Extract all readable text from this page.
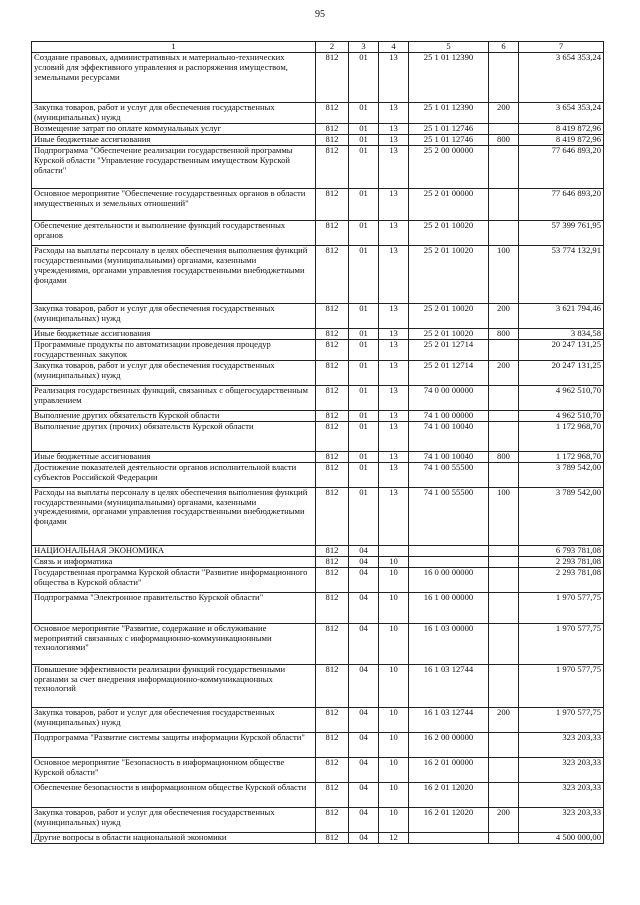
95
1	2	3	4	5	6	7
Создание правовых, административных и материально-технических условий для эффективного управления и распоряжения имуществом, земельными ресурсами	812	01	13	25 1 01 12390		3 654 353,24
Закупка товаров, работ и услуг для обеспечения государственных (муниципальных) нужд	812	01	13	25 1 01 12390	200	3 654 353,24
Возмещение затрат по оплате коммунальных услуг	812	01	13	25 1 01 12746		8 419 872,96
Иные бюджетные ассигнования	812	01	13	25 1 01 12746	800	8 419 872,96
Подпрограмма "Обеспечение реализации государственной программы Курской области "Управление государственным имуществом Курской области"	812	01	13	25 2 00 00000		77 646 893,20
Основное мероприятие "Обеспечение государственных органов в области имущественных и земельных отношений"	812	01	13	25 2 01 00000		77 646 893,20
Обеспечение деятельности и выполнение функций государственных органов	812	01	13	25 2 01 10020		57 399 761,95
Расходы на выплаты персоналу в целях обеспечения выполнения функций государственными (муниципальными) органами, казенными учреждениями, органами управления государственными внебюджетными фондами	812	01	13	25 2 01 10020	100	53 774 132,91
Закупка товаров, работ и услуг для обеспечения государственных (муниципальных) нужд	812	01	13	25 2 01 10020	200	3 621 794,46
Иные бюджетные ассигнования	812	01	13	25 2 01 10020	800	3 834,58
Программные продукты по автоматизации проведения процедур государственных закупок	812	01	13	25 2 01 12714		20 247 131,25
Закупка товаров, работ и услуг для обеспечения государственных (муниципальных) нужд	812	01	13	25 2 01 12714	200	20 247 131,25
Реализация государственных функций, связанных с общегосударственным управлением	812	01	13	74 0 00 00000		4 962 510,70
Выполнение других обязательств Курской области	812	01	13	74 1 00 00000		4 962 510,70
Выполнение других (прочих) обязательств Курской области	812	01	13	74 1 00 10040		1 172 968,70
Иные бюджетные ассигнования	812	01	13	74 1 00 10040	800	1 172 968,70
Достижение показателей деятельности органов исполнительной власти субъектов Российской Федерации	812	01	13	74 1 00 55500		3 789 542,00
Расходы на выплаты персоналу в целях обеспечения выполнения функций государственными (муниципальными) органами, казенными учреждениями, органами управления государственными внебюджетными фондами	812	01	13	74 1 00 55500	100	3 789 542,00
НАЦИОНАЛЬНАЯ ЭКОНОМИКА	812	04				6 793 781,08
Связь и информатика	812	04	10			2 293 781,08
Государственная программа Курской области "Развитие информационного общества в Курской области"	812	04	10	16 0 00 00000		2 293 781,08
Подпрограмма "Электронное правительство Курской области"	812	04	10	16 1 00 00000		1 970 577,75
Основное мероприятие "Развитие, содержание и обслуживание мероприятий связанных с информационно-коммуникационными технологиями"	812	04	10	16 1 03 00000		1 970 577,75
Повышение эффективности реализации функций государственными органами за счет внедрения информационно-коммуникационных технологий	812	04	10	16 1 03 12744		1 970 577,75
Закупка товаров, работ и услуг для обеспечения государственных (муниципальных) нужд	812	04	10	16 1 03 12744	200	1 970 577,75
Подпрограмма "Развитие системы защиты информации Курской области"	812	04	10	16 2 00 00000		323 203,33
Основное мероприятие "Безопасность в информационном обществе Курской области"	812	04	10	16 2 01 00000		323 203,33
Обеспечение безопасности в информационном обществе Курской области	812	04	10	16 2 01 12020		323 203,33
Закупка товаров, работ и услуг для обеспечения государственных (муниципальных) нужд	812	04	10	16 2 01 12020	200	323 203,33
Другие вопросы в области национальной экономики	812	04	12			4 500 000,00
